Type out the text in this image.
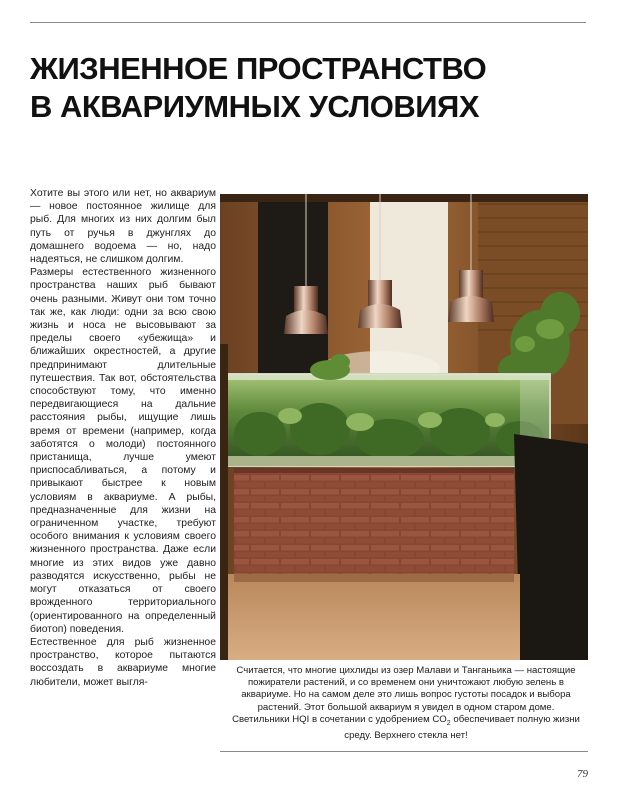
ЖИЗНЕННОЕ ПРОСТРАНСТВО
В АКВАРИУМНЫХ УСЛОВИЯХ

Хотите вы этого или нет, но аквариум — новое постоянное жилище для рыб. Для многих из них долгим был путь от ручья в джунглях до домашнего водоема — но, надо надеяться, не слишком долгим.

Размеры естественного жизненного пространства наших рыб бывают очень разными. Живут они том точно так же, как люди: одни за всю свою жизнь и носа не высовывают за пределы своего «убежища» и ближайших окрестностей, а другие предпринимают длительные путешествия. Так вот, обстоятельства способствуют тому, что именно передвигающиеся на дальние расстояния рыбы, ищущие лишь время от времени (например, когда заботятся о молоди) постоянного пристанища, лучше умеют приспосабливаться, а потому и привыкают быстрее к новым условиям в аквариуме. А рыбы, предназначенные для жизни на ограниченном участке, требуют особого внимания к условиям своего жизненного пространства. Даже если многие из этих видов уже давно разводятся искусственно, рыбы не могут отказаться от своего врожденного территориального (ориентированного на определенный биотоп) поведения.

Естественное для рыб жизненное пространство, которое пытаются воссоздать в аквариуме многие любители, может выгля-

Считается, что многие цихлиды из озер Малави и Танганьика — настоящие пожиратели растений, и со временем они уничтожают любую зелень в аквариуме. Но на самом деле это лишь вопрос густоты посадок и выбора растений. Этот большой аквариум я увидел в одном старом доме. Светильники HQI в сочетании с удобрением $CO_2$ обеспечивает полную жизни среду. Верхнего стекла нет!
79
